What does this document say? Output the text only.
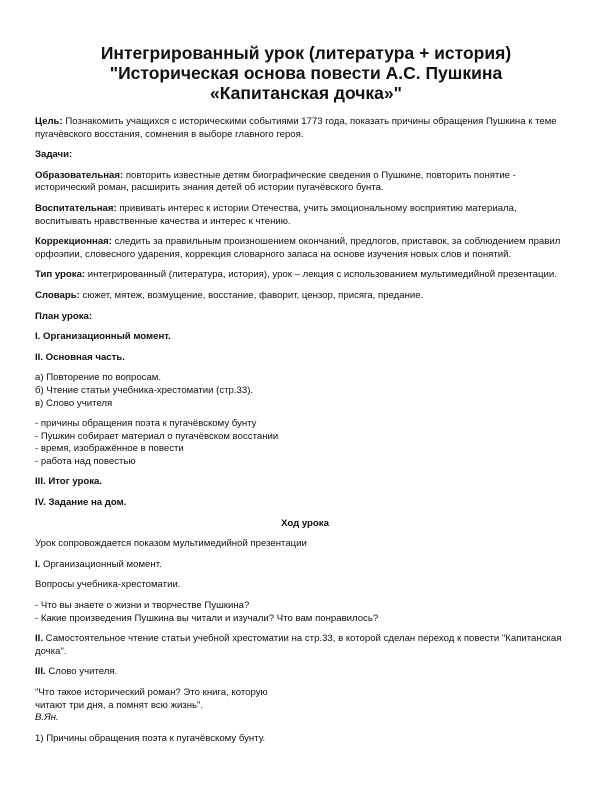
Интегрированный урок (литература + история)
"Историческая основа повести А.С. Пушкина
«Капитанская дочка»"

Цель: Познакомить учащихся с историческими событиями 1773 года, показать причины обращения Пушкина к теме пугачёвского восстания, сомнения в выборе главного героя.

Задачи:

Образовательная: повторить известные детям биографические сведения о Пушкине, повторить понятие - исторический роман, расширить знания детей об истории пугачёвского бунта.

Воспитательная: прививать интерес к истории Отечества, учить эмоциональному восприятию материала, воспитывать нравственные качества и интерес к чтению.

Коррекционная: следить за правильным произношением окончаний, предлогов, приставок, за соблюдением правил орфоэпии, словесного ударения, коррекция словарного запаса на основе изучения новых слов и понятий.

Тип урока: интегрированный (литература, история), урок – лекция с использованием мультимедийной презентации.

Словарь: сюжет, мятеж, возмущение, восстание, фаворит, цензор, присяга, предание.

План урока:

I. Организационный момент.

II. Основная часть.

а) Повторение по вопросам.
б) Чтение статьи учебника-хрестоматии (стр.33).
в) Слово учителя

- причины обращения поэта к пугачёвскому бунту
- Пушкин собирает материал о пугачёвском восстании
- время, изображённое в повести
- работа над повестью

III. Итог урока.

IV. Задание на дом.

Ход урока

Урок сопровождается показом мультимедийной презентации

I. Организационный момент.

Вопросы учебника-хрестоматии.

- Что вы знаете о жизни и творчестве Пушкина?
- Какие произведения Пушкина вы читали и изучали? Что вам понравилось?

II. Самостоятельное чтение статьи учебной хрестоматии на стр.33, в которой сделан переход к повести "Капитанская дочка".

III. Слово учителя.

"Что такое исторический роман? Это книга, которую
читают три дня, а помнят всю жизнь".
В.Ян.

1) Причины обращения поэта к пугачёвскому бунту.
